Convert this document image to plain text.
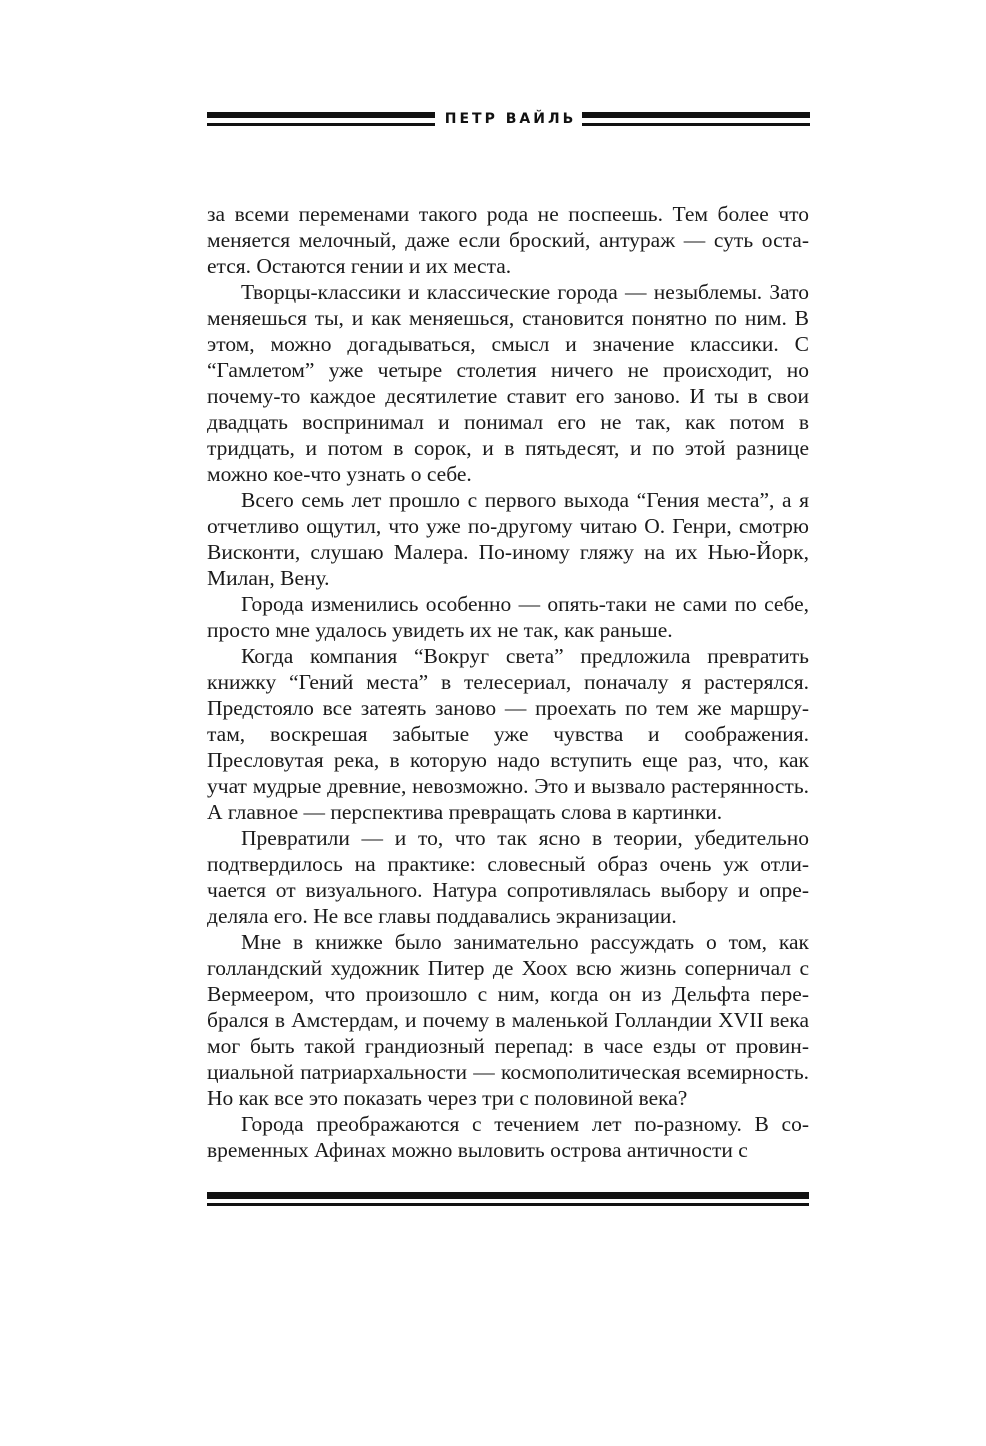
ПЕТР ВАЙЛЬ

за всеми переменами такого рода не поспеешь. Тем более что меняется мелочный, даже если броский, антураж — суть остается. Остаются гении и их места.

Творцы-классики и классические города — незыблемы. Зато меняешься ты, и как меняешься, становится понятно по ним. В этом, можно догадываться, смысл и значение классики. С “Гамлетом” уже четыре столетия ничего не происходит, но почему-то каждое десятилетие ставит его заново. И ты в свои двадцать воспринимал и понимал его не так, как потом в тридцать, и потом в сорок, и в пятьдесят, и по этой разнице можно кое-что узнать о себе.

Всего семь лет прошло с первого выхода “Гения места”, а я отчетливо ощутил, что уже по-другому читаю О. Генри, смотрю Висконти, слушаю Малера. По-иному гляжу на их Нью-Йорк, Милан, Вену.

Города изменились особенно — опять-таки не сами по себе, просто мне удалось увидеть их не так, как раньше.

Когда компания “Вокруг света” предложила превратить книжку “Гений места” в телесериал, поначалу я растерялся. Предстояло все затеять заново — проехать по тем же маршрутам, воскрешая забытые уже чувства и соображения. Пресловутая река, в которую надо вступить еще раз, что, как учат мудрые древние, невозможно. Это и вызвало растерянность. А главное — перспектива превращать слова в картинки.

Превратили — и то, что так ясно в теории, убедительно подтвердилось на практике: словесный образ очень уж отличается от визуального. Натура сопротивлялась выбору и определяла его. Не все главы поддавались экранизации.

Мне в книжке было занимательно рассуждать о том, как голландский художник Питер де Хоох всю жизнь соперничал с Вермеером, что произошло с ним, когда он из Дельфта перебрался в Амстердам, и почему в маленькой Голландии XVII века мог быть такой грандиозный перепад: в часе езды от провинциальной патриархальности — космополитическая всемирность. Но как все это показать через три с половиной века?

Города преображаются с течением лет по-разному. В современных Афинах можно выловить острова античности с
